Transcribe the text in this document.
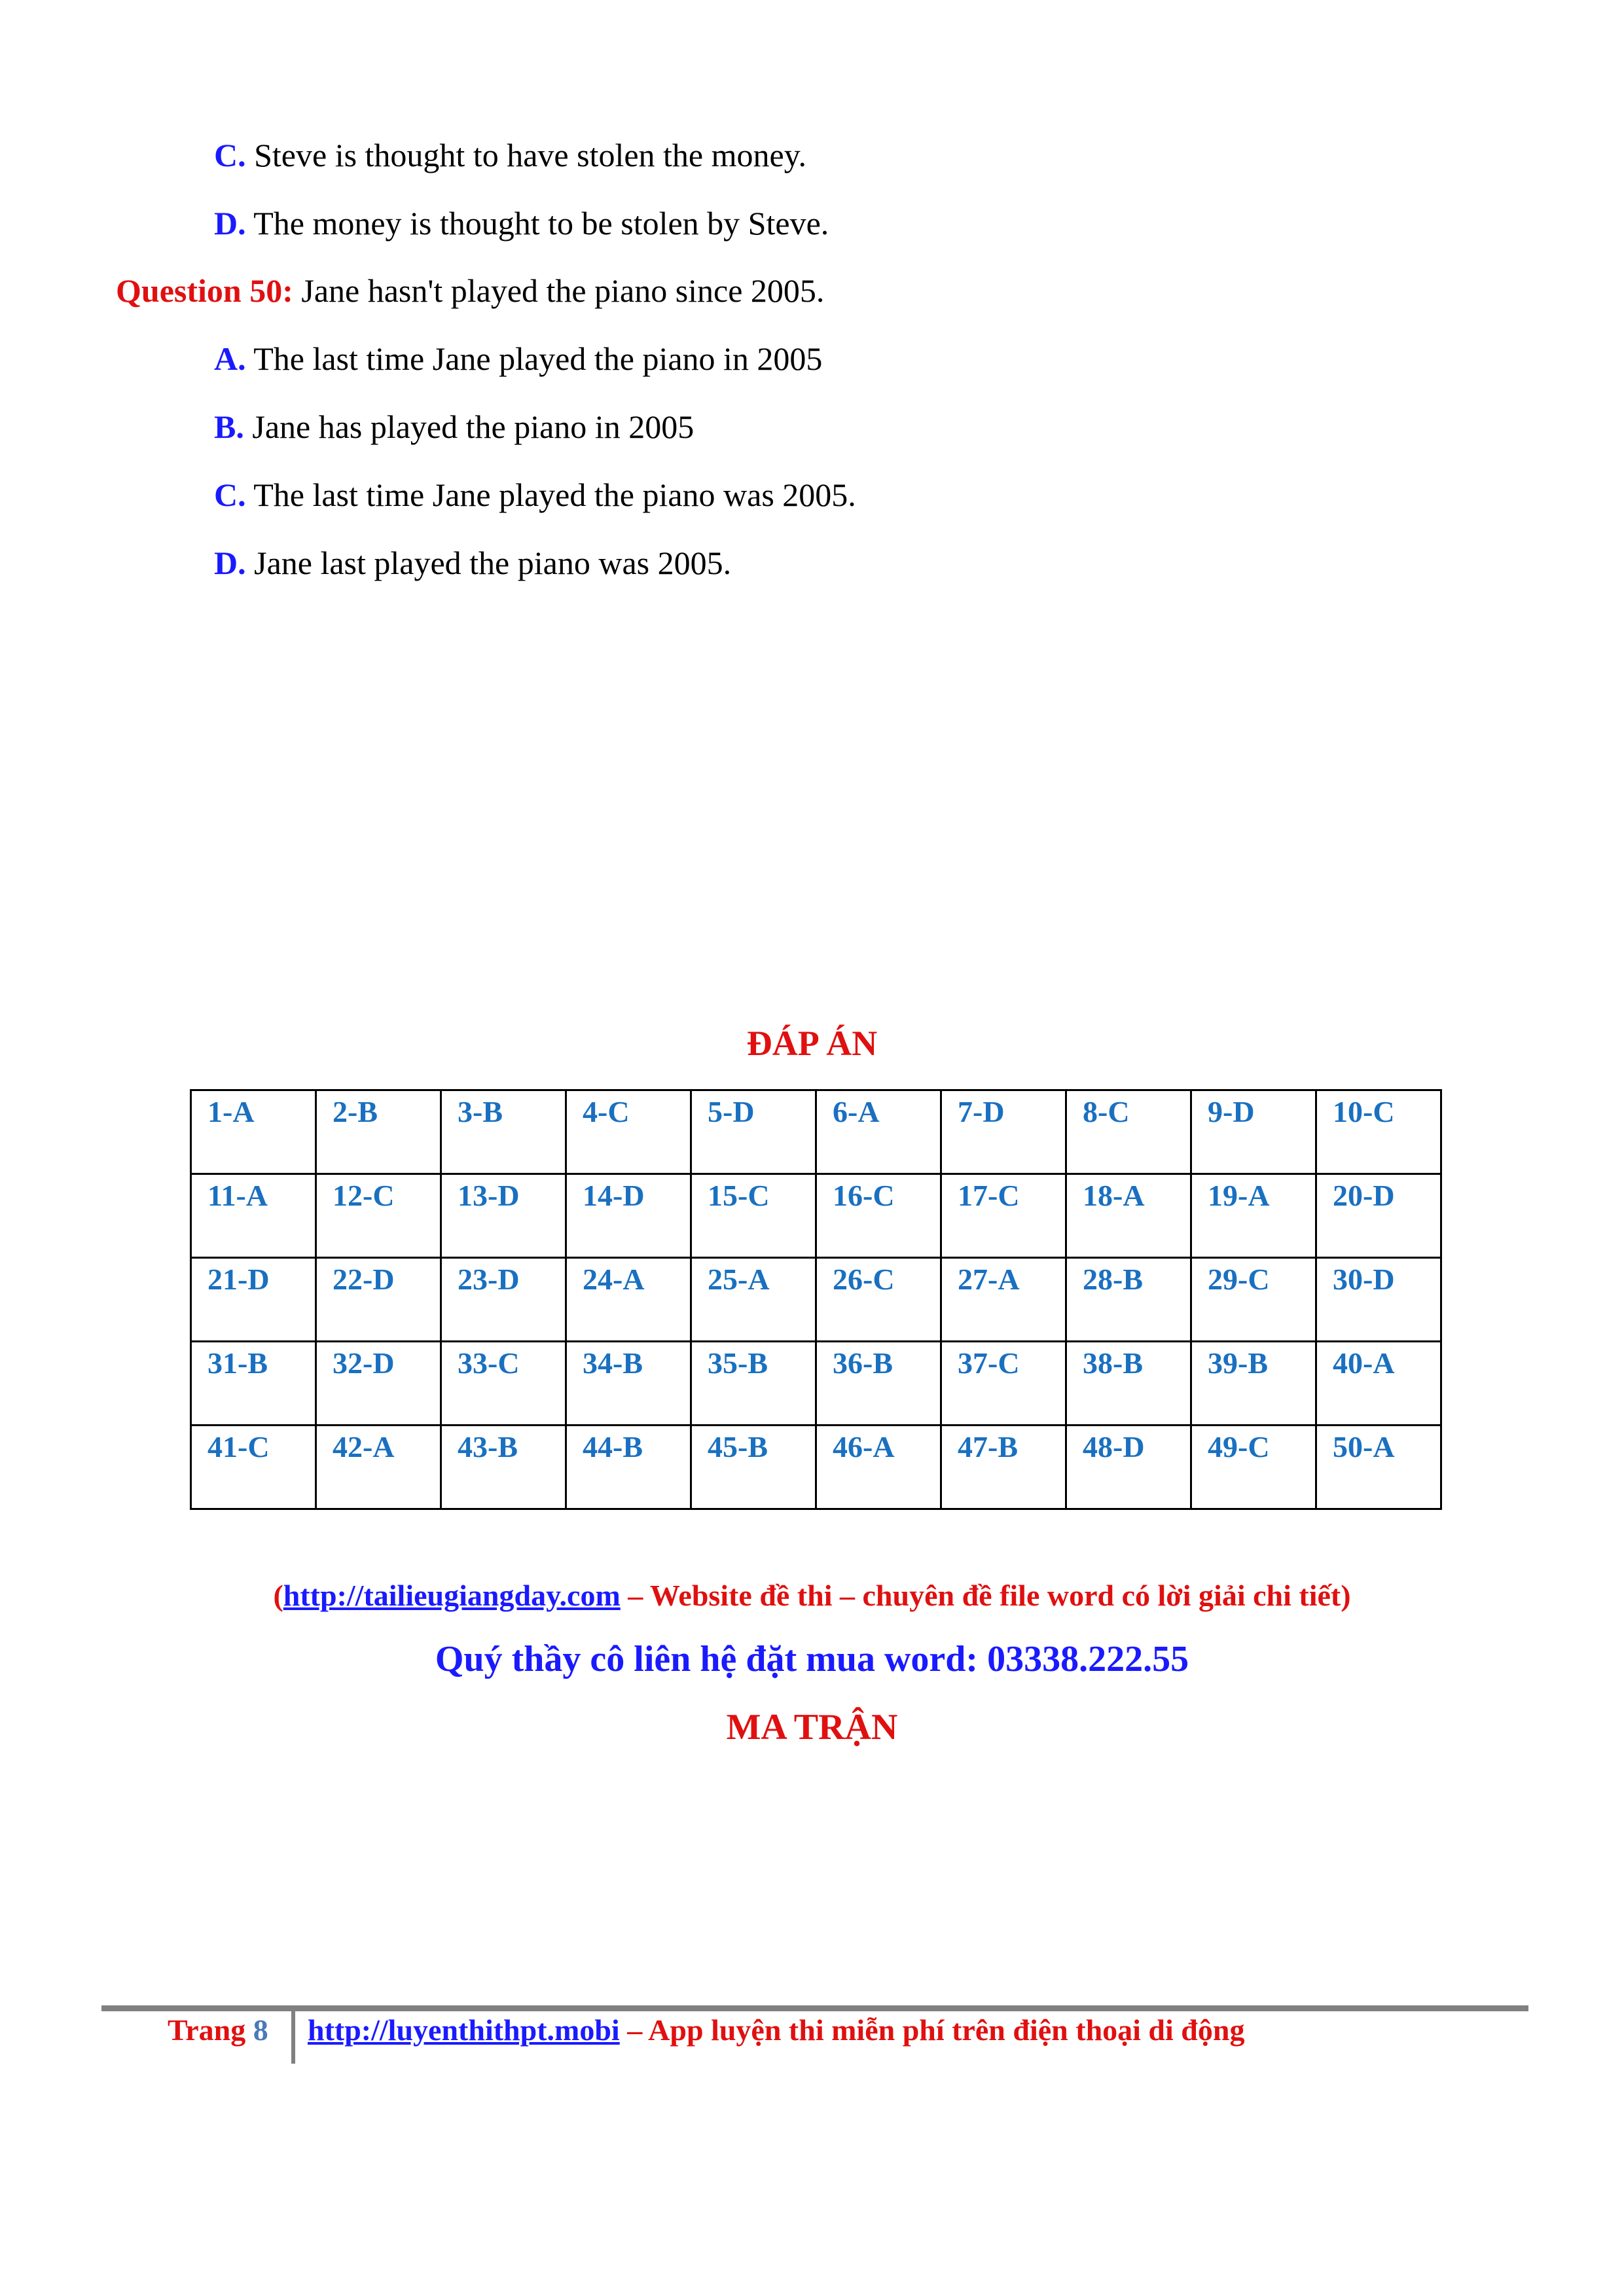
C. Steve is thought to have stolen the money.
D. The money is thought to be stolen by Steve.
Question 50: Jane hasn't played the piano since 2005.
A. The last time Jane played the piano in 2005
B. Jane has played the piano in 2005
C. The last time Jane played the piano was 2005.
D. Jane last played the piano was 2005.
ĐÁP ÁN
1-A	2-B	3-B	4-C	5-D	6-A	7-D	8-C	9-D	10-C
11-A	12-C	13-D	14-D	15-C	16-C	17-C	18-A	19-A	20-D
21-D	22-D	23-D	24-A	25-A	26-C	27-A	28-B	29-C	30-D
31-B	32-D	33-C	34-B	35-B	36-B	37-C	38-B	39-B	40-A
41-C	42-A	43-B	44-B	45-B	46-A	47-B	48-D	49-C	50-A
(http://tailieugiangday.com – Website đề thi – chuyên đề file word có lời giải chi tiết)
Quý thầy cô liên hệ đặt mua word: 03338.222.55
MA TRẬN
Trang 8 http://luyenthithpt.mobi – App luyện thi miễn phí trên điện thoại di động
